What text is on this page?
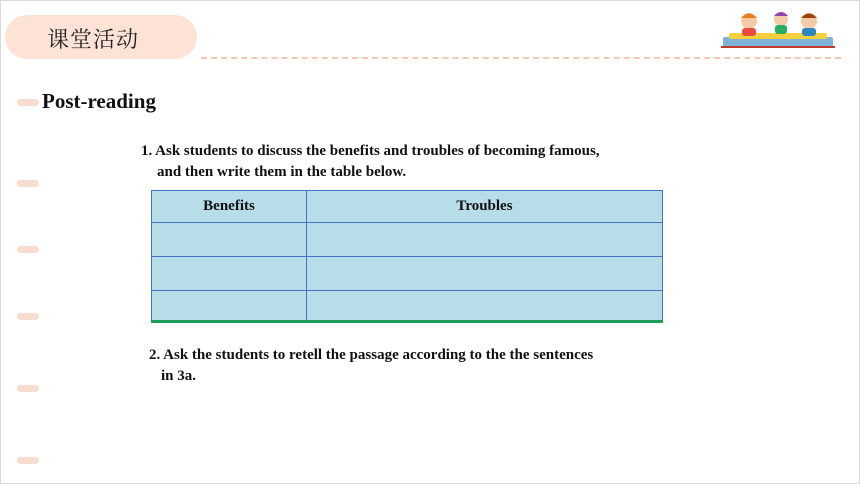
课堂活动
Post-reading
1. Ask students to discuss the benefits and troubles of becoming famous,
and then write them in the table below.
Benefits	Troubles

2. Ask the students to retell the passage according to the the sentences
in 3a.
